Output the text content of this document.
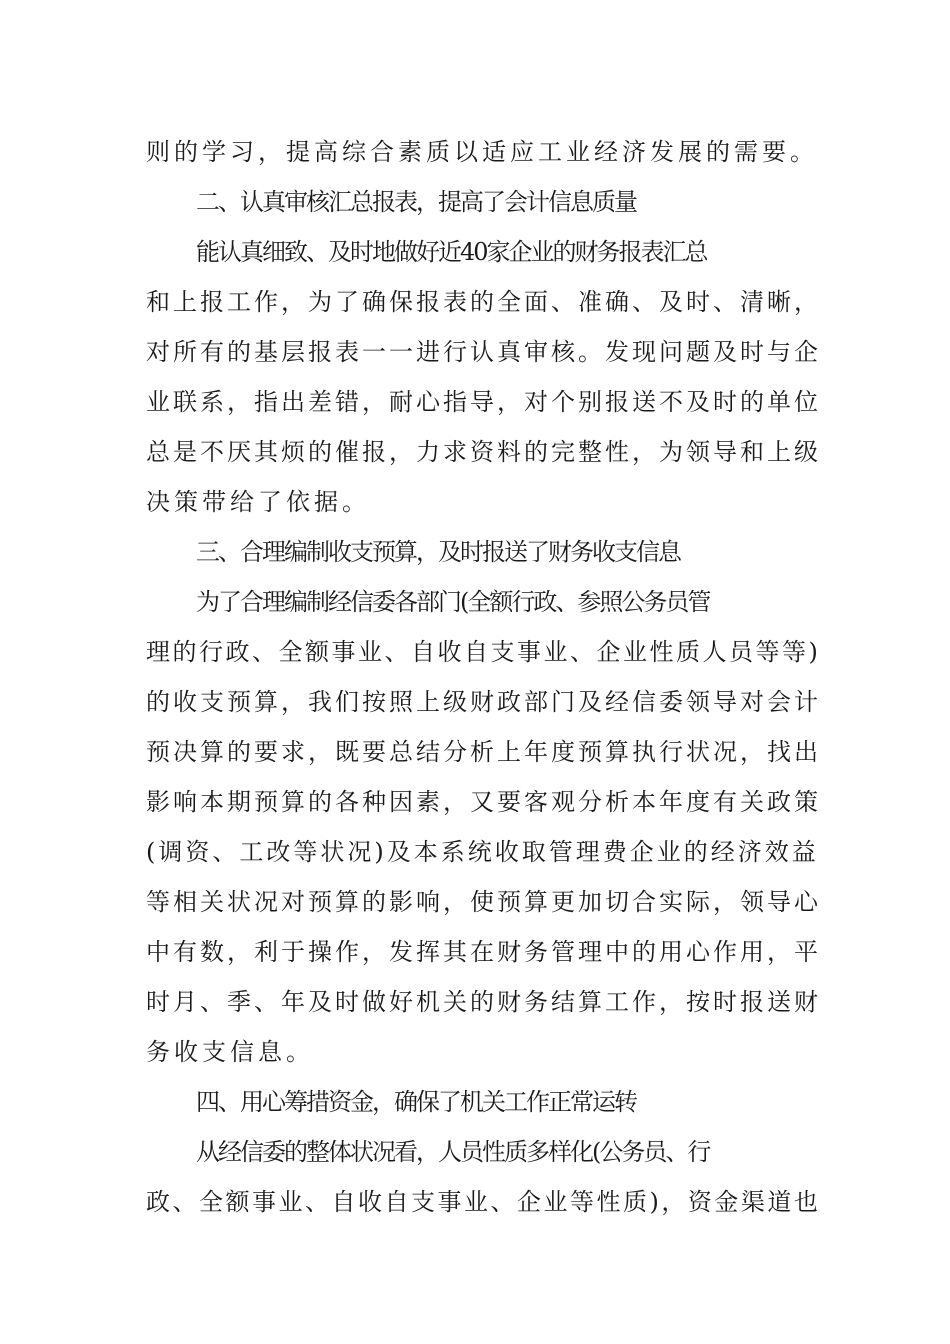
则的学习，提高综合素质以适应工业经济发展的需要。
二、认真审核汇总报表，提高了会计信息质量
能认真细致、及时地做好近40家企业的财务报表汇总
和上报工作，为了确保报表的全面、准确、及时、清晰，
对所有的基层报表一一进行认真审核。发现问题及时与企
业联系，指出差错，耐心指导，对个别报送不及时的单位
总是不厌其烦的催报，力求资料的完整性，为领导和上级
决策带给了依据。
三、合理编制收支预算，及时报送了财务收支信息
为了合理编制经信委各部门(全额行政、参照公务员管
理的行政、全额事业、自收自支事业、企业性质人员等等)
的收支预算，我们按照上级财政部门及经信委领导对会计
预决算的要求，既要总结分析上年度预算执行状况，找出
影响本期预算的各种因素，又要客观分析本年度有关政策
(调资、工改等状况)及本系统收取管理费企业的经济效益
等相关状况对预算的影响，使预算更加切合实际，领导心
中有数，利于操作，发挥其在财务管理中的用心作用，平
时月、季、年及时做好机关的财务结算工作，按时报送财
务收支信息。
四、用心筹措资金，确保了机关工作正常运转
从经信委的整体状况看，人员性质多样化(公务员、行
政、全额事业、自收自支事业、企业等性质)，资金渠道也
